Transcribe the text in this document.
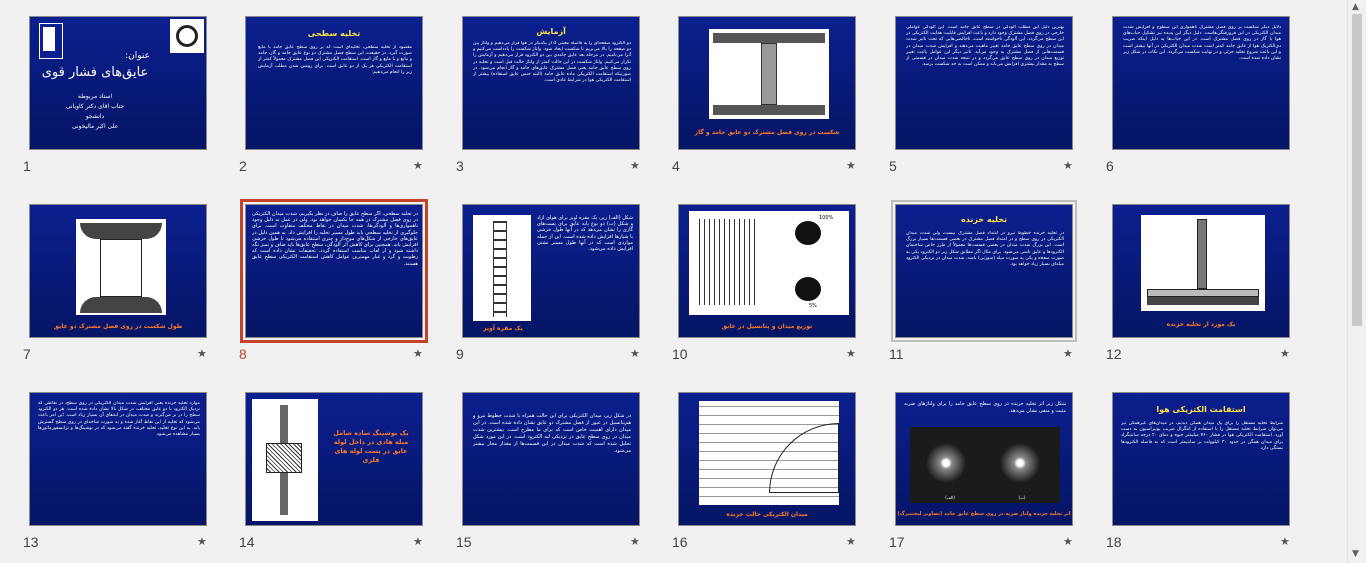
عنوان:
عایق‌های فشار قوی
استاد مربوطه
جناب آقای دکتر کاویانی
دانشجو
علی اکبر مالیخونی
1
تخلیه سطحی
مقصود از تخلیه سطحی، تخلیه‌ای است که بر روی سطح عایق جامد با مایع صورت گیرد. در حقیقت، این سطح فصل مشترک دو نوع عایق جامد و گاز، جامد و مایع و یا مایع و گاز است. استقامت الکتریکی این فصل مشترک معمولاً کمتر از استقامت الکتریکی هر یک از دو عایق است. برای روشن شدن مطلب آزمایش زیر را انجام می‌دهیم:
2	★
آزمایش
دو الکترود صفحه‌ای را به فاصله معینی d از یکدیگر در هوا قرار می‌دهیم و ولتاژ بین دو صفحه را بالا می‌بریم تا شکست ایجاد شود. ولتاژ شکست را یادداشت می‌کنیم و آنرا می‌نامیم. در مرحله بعد عایق جامدی بین دو الکترود قرار می‌دهیم و آزمایش را تکرار می‌کنیم. ولتاژ شکست در این حالت کمتر از ولتاژ حالت قبل است و تخلیه در روی سطح عایق جامد یعنی فصل مشترک عایق‌های جامد و گاز انجام می‌شود. در صورتیکه استقامت الکتریکی ماده عایق جامد (البته جنس عایق استفاده) بیشتر از استقامت الکتریکی هوا در شرایط عادی است.
3	★
شکست در روی فصل مشترک دو عایق جامد و گاز
4	★
بهترین دلیل این مطلب آلودگی در سطح عایق جامد است. این آلودگی عواملی خارجی در روی فصل مشترک وجود دارد و باعث افزایش قابلیت هدایت الکتریکی در این سطح می‌گردد. این آلودگی ناخواسته است، ناخالصی‌هایی که تحت تاثیر شدت میدان در روی سطح عایق جامد تغییر ماهیت می‌دهند و افزایش شدت میدان در قسمت‌هایی از فصل مشترک به وجود می‌آید. تاثیر دیگر این عوامل باعث تغییر توزیع میدان در روی سطح عایق می‌گردد و در نتیجه شدت میدان در قسمتی از سطح به مقدار بیشتری افزایش می‌یابد و ممکن است به حد شکست برسد.
5	★
دلایل دیگر شکست بر روی فصل مشترک ناهمواری این سطوح و افزایش شدت میدان الکتریکی در این فرورفتگی‌هاست. دلیل دیگر این پدیده نیز تشکیل حباب‌های هوا یا گاز در روی فصل مشترک است. در این حباب‌ها به دلیل اینکه ضریب دی‌الکتریک هوا از عایق جامد کمتر است شدت میدان الکتریکی در آنها بیشتر است و این باعث شروع تخلیه جزئی و در نهایت شکست می‌گردد. این نکات در شکل زیر نشان داده شده است.
6
طول شکست در روی فصل مشترک دو عایق
7	★
در تخلیه سطحی، اگر سطح عایق را صاف در نظر بگیریم، شدت میدان الکتریکی در روی فصل مشترک در همه جا یکسان خواهد بود. ولی در عمل به دلیل وجود ناهمواری‌ها و آلودگی‌ها، شدت میدان در نقاط مختلف متفاوت است. برای جلوگیری از تخلیه سطحی باید طول مسیر تخلیه را افزایش داد. به همین دلیل در عایق‌های خارجی از شکل‌های موج‌دار و چتری استفاده می‌شود تا طول خزشی افزایش یابد. همچنین برای کاهش اثر آلودگی، سطح عایق‌ها باید صاف و تمیز نگه داشته شود و از لعاب مناسب استفاده گردد. تحقیقات نشان داده است که رطوبت و گرد و غبار مهمترین عوامل کاهش استقامت الکتریکی سطح عایق هستند.
8	★
شکل (الف) زیر، یک مقره آویز برای هوای آزاد و شکل (ب) دو نوع پایه عایق برای پست‌های گازی را نشان می‌دهد که در آنها طول خزشی با شیارها افزایش داده شده است. این از جمله مواردی است که در آنها طول مسیر نشتی افزایش داده می‌شود.
یک مقره آویز
9	★
100%
5%
توزیع میدان و پتانسیل در عایق
10	★
تخلیه خزنده
در تخلیه خزنده خطوط نیرو در امتداد فصل مشترک نیست، ولی شدت میدان الکتریکی در روی سطح و در امتداد فصل مشترک در بعضی قسمت‌ها بسیار بزرگ است. این بزرگ شدت میدان در بعضی قسمت‌ها معمولاً از طرز خاص ساختمان الکترودها و عایق ناشی می‌شود. برای مثال اگر مطابق شکل زیر دو الکترود یکی به صورت صفحه و یکی به صورت میله (سوزنی) باشد، شدت میدان در نزدیکی الکترود میله‌ای بسیار زیاد خواهد بود.
11	★
یک مورد از تخلیه خزنده
12	★
موارد تخلیه خزنده یعنی افزایش شدت میدان الکتریکی در روی سطح، در نقاطی که نزدیک الکترود با دو عایق مختلف، در شکل بالا نشان داده شده است. هر دو الکترود سطح را در بر می‌گیرند و شدت میدان در لبه‌های آن بسیار زیاد است. این امر باعث می‌شود که تخلیه از این نقاط آغاز شده و به صورت شاخه‌ای در روی سطح گسترش یابد. به این نوع تخلیه، تخلیه خزنده گفته می‌شود که در بوشینگ‌ها و ترانسفورماتورها بسیار مشاهده می‌شود.
13	★
یک بوشینگ ساده شامل میله هادی در داخل لوله عایق در پست لوله های فلزی
14	★
در شکل زیر، میدان الکتریکی برای این حالت همراه با شدت خطوط نیرو و هم‌پتانسیل در عبور از فصل مشترک دو عایق نشان داده شده است. در این میدان دارای اهمیت خاص است که برای ما مطرح است. بیشترین شدت میدان در روی سطح عایق در نزدیکی لبه الکترود است. در این مورد شکل تحلیل شده است که شدت میدان در این قسمت‌ها از مقدار مجاز بیشتر می‌شود.
15	★
میدان الکتریکی حالت خزنده
16	★
شکل زیر اثر تخلیه خزنده در روی سطح عایق جامد را برای ولتاژهای ضربه مثبت و منفی نشان می‌دهد.
(الف)	(ب)
اثر تخلیه خزنده ولتاژ ضربه در روی سطح عایق جامد (تصاویر لیختنبرگ)
17	★
استقامت الکتریکی هوا
شرایط تخلیه مستقل را برای یک میدان همگن دیدیم، در میدان‌های غیرهمگن نیز می‌توان شرایط تخلیه مستقل را با استفاده از انتگرال ضریب یونیزاسیون به دست آورد. استقامت الکتریکی هوا در فشار ۷۶۰ میلیمتر جیوه و دمای ۲۰ درجه سانتیگراد برای میدان همگن در حدود ۳۰ کیلوولت بر سانتیمتر است که به فاصله الکترودها بستگی دارد.
18	★
▲
▼
